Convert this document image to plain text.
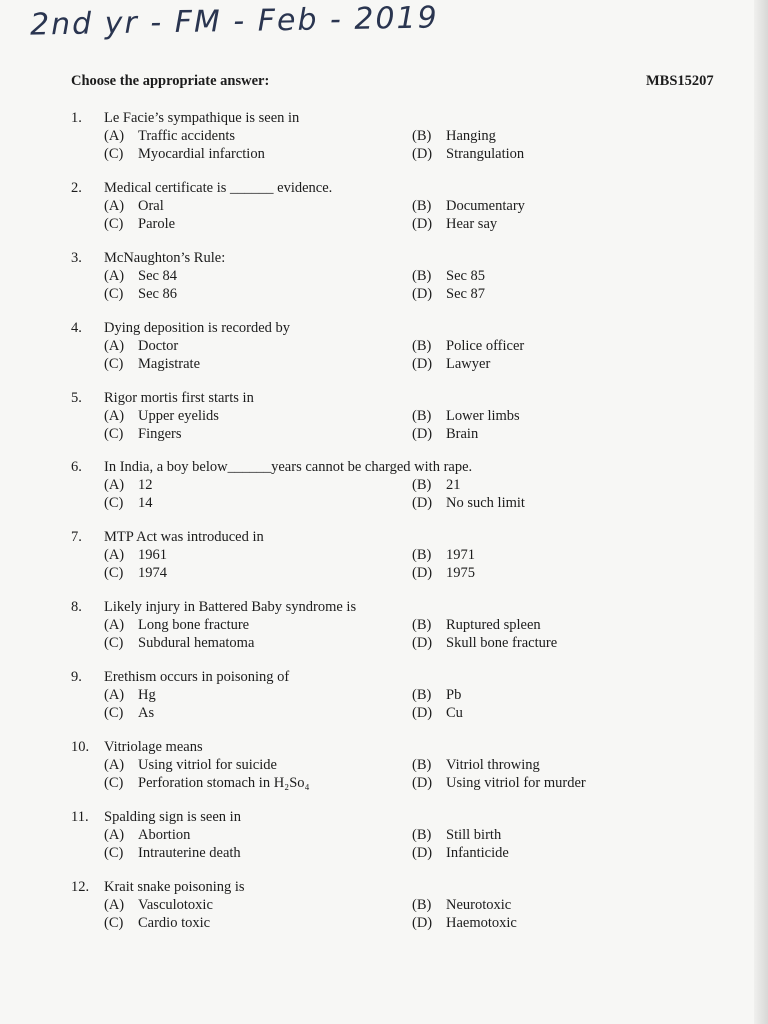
2nd yr - FM - Feb - 2019
Choose the appropriate answer:	MBS15207
1. Le Facie’s sympathique is seen in
(A) Traffic accidents	(B) Hanging
(C) Myocardial infarction	(D) Strangulation
2. Medical certificate is ______ evidence.
(A) Oral	(B) Documentary
(C) Parole	(D) Hear say
3. McNaughton’s Rule:
(A) Sec 84	(B) Sec 85
(C) Sec 86	(D) Sec 87
4. Dying deposition is recorded by
(A) Doctor	(B) Police officer
(C) Magistrate	(D) Lawyer
5. Rigor mortis first starts in
(A) Upper eyelids	(B) Lower limbs
(C) Fingers	(D) Brain
6. In India, a boy below______years cannot be charged with rape.
(A) 12	(B) 21
(C) 14	(D) No such limit
7. MTP Act was introduced in
(A) 1961	(B) 1971
(C) 1974	(D) 1975
8. Likely injury in Battered Baby syndrome is
(A) Long bone fracture	(B) Ruptured spleen
(C) Subdural hematoma	(D) Skull bone fracture
9. Erethism occurs in poisoning of
(A) Hg	(B) Pb
(C) As	(D) Cu
10. Vitriolage means
(A) Using vitriol for suicide	(B) Vitriol throwing
(C) Perforation stomach in H₂So₄	(D) Using vitriol for murder
11. Spalding sign is seen in
(A) Abortion	(B) Still birth
(C) Intrauterine death	(D) Infanticide
12. Krait snake poisoning is
(A) Vasculotoxic	(B) Neurotoxic
(C) Cardio toxic	(D) Haemotoxic
